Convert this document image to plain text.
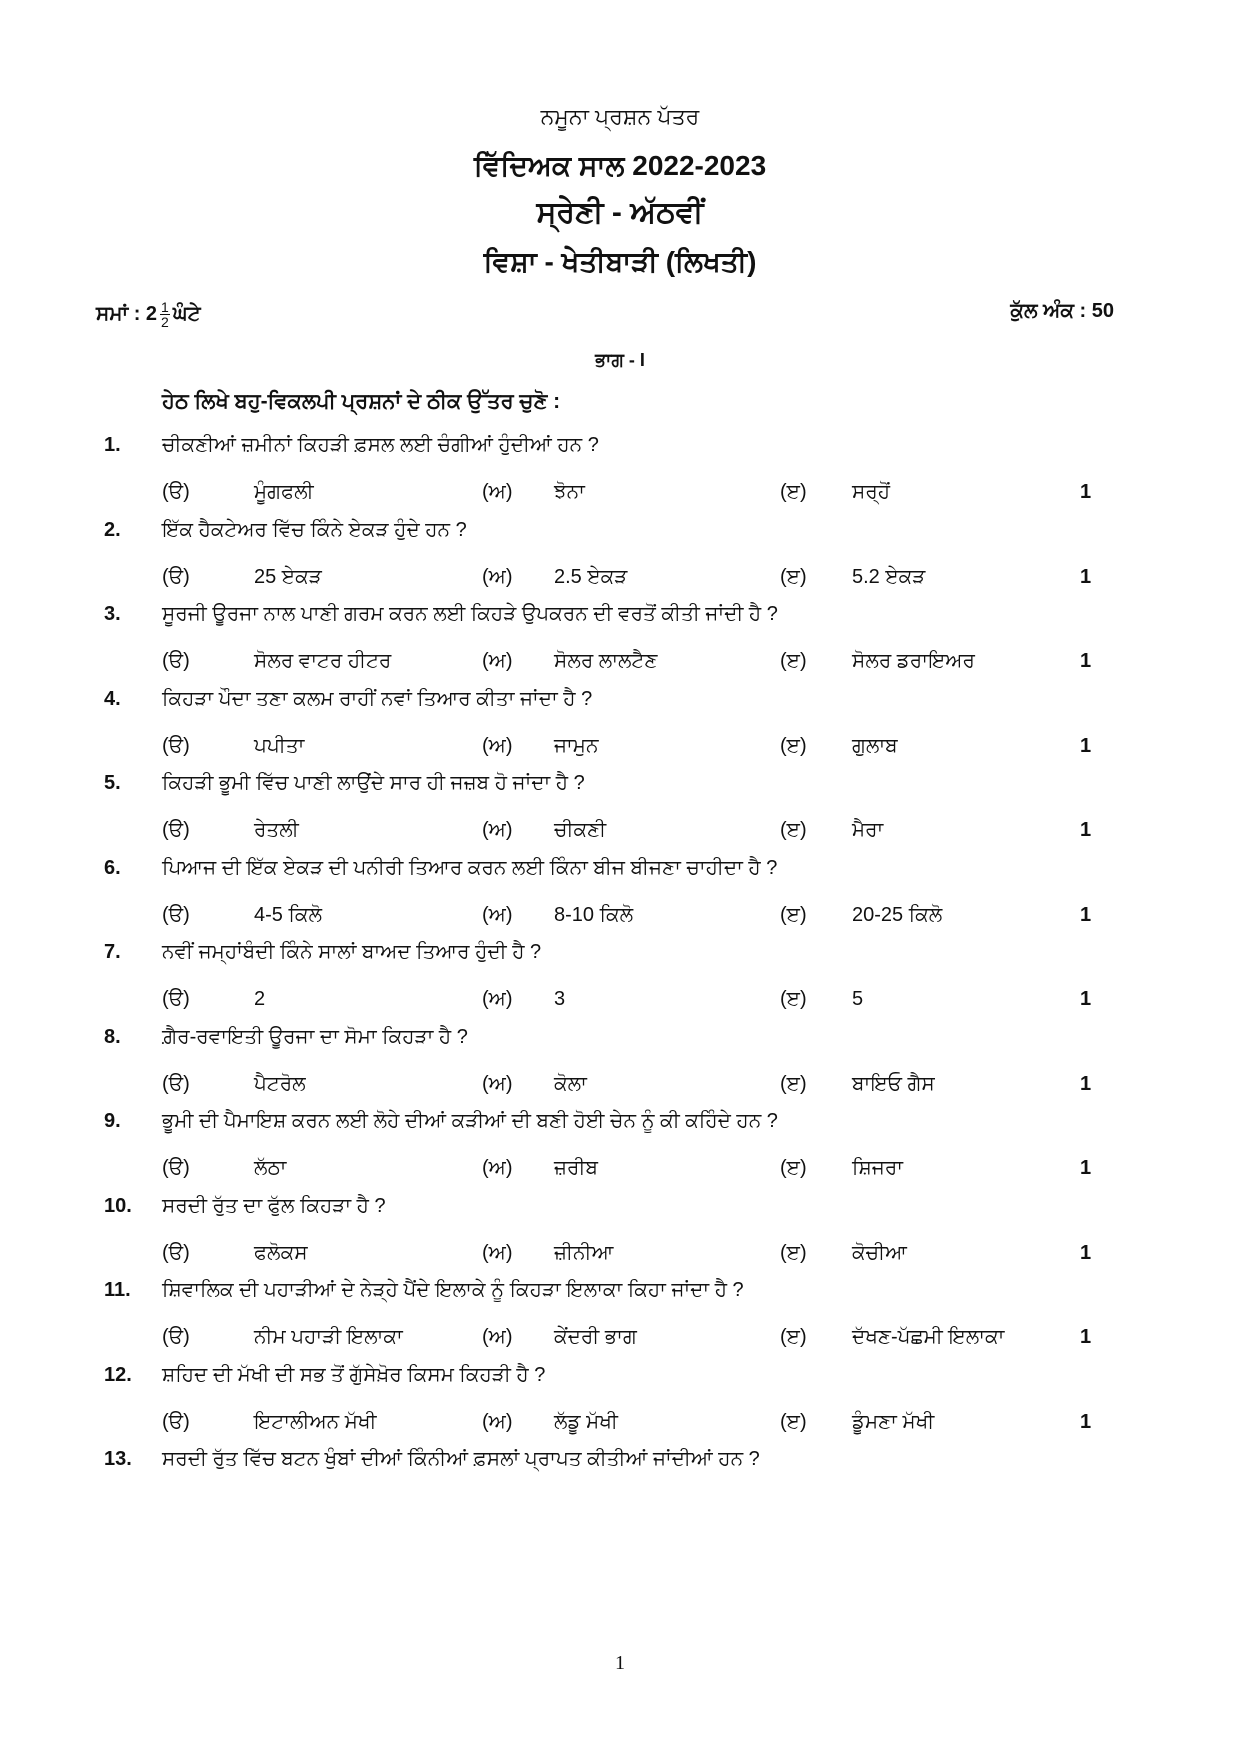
ਨਮੂਨਾ ਪ੍ਰਸ਼ਨ ਪੱਤਰ
ਵਿੱਦਿਅਕ ਸਾਲ 2022-2023
ਸ੍ਰੇਣੀ - ਅੱਠਵੀਂ
ਵਿਸ਼ਾ - ਖੇਤੀਬਾੜੀ (ਲਿਖਤੀ)
ਸਮਾਂ : $2 \frac{1}{2}$ ਘੰਟੇ	ਕੁੱਲ ਅੰਕ : 50
ਭਾਗ - I
ਹੇਠ ਲਿਖੇ ਬਹੁ-ਵਿਕਲਪੀ ਪ੍ਰਸ਼ਨਾਂ ਦੇ ਠੀਕ ਉੱਤਰ ਚੁਣੋ :
1. ਚੀਕਣੀਆਂ ਜ਼ਮੀਨਾਂ ਕਿਹੜੀ ਫ਼ਸਲ ਲਈ ਚੰਗੀਆਂ ਹੁੰਦੀਆਂ ਹਨ ?
(ੳ)	ਮੂੰਗਫਲੀ	(ਅ)	ਝੋਨਾ	(ੲ)	ਸਰ੍ਹੋਂ	1
2. ਇੱਕ ਹੈਕਟੇਅਰ ਵਿੱਚ ਕਿੰਨੇ ਏਕੜ ਹੁੰਦੇ ਹਨ ?
(ੳ)	25 ਏਕੜ	(ਅ)	2.5 ਏਕੜ	(ੲ)	5.2 ਏਕੜ	1
3. ਸੂਰਜੀ ਊਰਜਾ ਨਾਲ ਪਾਣੀ ਗਰਮ ਕਰਨ ਲਈ ਕਿਹੜੇ ਉਪਕਰਨ ਦੀ ਵਰਤੋਂ ਕੀਤੀ ਜਾਂਦੀ ਹੈ ?
(ੳ)	ਸੋਲਰ ਵਾਟਰ ਹੀਟਰ	(ਅ)	ਸੋਲਰ ਲਾਲਟੈਣ	(ੲ)	ਸੋਲਰ ਡਰਾਇਅਰ	1
4. ਕਿਹੜਾ ਪੌਦਾ ਤਣਾ ਕਲਮ ਰਾਹੀਂ ਨਵਾਂ ਤਿਆਰ ਕੀਤਾ ਜਾਂਦਾ ਹੈ ?
(ੳ)	ਪਪੀਤਾ	(ਅ)	ਜਾਮੁਨ	(ੲ)	ਗੁਲਾਬ	1
5. ਕਿਹੜੀ ਭੂਮੀ ਵਿੱਚ ਪਾਣੀ ਲਾਉਂਦੇ ਸਾਰ ਹੀ ਜਜ਼ਬ ਹੋ ਜਾਂਦਾ ਹੈ ?
(ੳ)	ਰੇਤਲੀ	(ਅ)	ਚੀਕਣੀ	(ੲ)	ਮੈਰਾ	1
6. ਪਿਆਜ ਦੀ ਇੱਕ ਏਕੜ ਦੀ ਪਨੀਰੀ ਤਿਆਰ ਕਰਨ ਲਈ ਕਿੰਨਾ ਬੀਜ ਬੀਜਣਾ ਚਾਹੀਦਾ ਹੈ ?
(ੳ)	4-5 ਕਿਲੋ	(ਅ)	8-10 ਕਿਲੋ	(ੲ)	20-25 ਕਿਲੋ	1
7. ਨਵੀਂ ਜਮ੍ਹਾਂਬੰਦੀ ਕਿੰਨੇ ਸਾਲਾਂ ਬਾਅਦ ਤਿਆਰ ਹੁੰਦੀ ਹੈ ?
(ੳ)	2	(ਅ)	3	(ੲ)	5	1
8. ਗ਼ੈਰ-ਰਵਾਇਤੀ ਊਰਜਾ ਦਾ ਸੋਮਾ ਕਿਹੜਾ ਹੈ ?
(ੳ)	ਪੈਟਰੋਲ	(ਅ)	ਕੋਲਾ	(ੲ)	ਬਾਇਓ ਗੈਸ	1
9. ਭੂਮੀ ਦੀ ਪੈਮਾਇਸ਼ ਕਰਨ ਲਈ ਲੋਹੇ ਦੀਆਂ ਕੜੀਆਂ ਦੀ ਬਣੀ ਹੋਈ ਚੇਨ ਨੂੰ ਕੀ ਕਹਿੰਦੇ ਹਨ ?
(ੳ)	ਲੱਠਾ	(ਅ)	ਜ਼ਰੀਬ	(ੲ)	ਸ਼ਿਜਰਾ	1
10. ਸਰਦੀ ਰੁੱਤ ਦਾ ਫੁੱਲ ਕਿਹੜਾ ਹੈ ?
(ੳ)	ਫਲੋਕਸ	(ਅ)	ਜ਼ੀਨੀਆ	(ੲ)	ਕੋਚੀਆ	1
11. ਸ਼ਿਵਾਲਿਕ ਦੀ ਪਹਾੜੀਆਂ ਦੇ ਨੇੜ੍ਹੇ ਪੈਂਦੇ ਇਲਾਕੇ ਨੂੰ ਕਿਹੜਾ ਇਲਾਕਾ ਕਿਹਾ ਜਾਂਦਾ ਹੈ ?
(ੳ)	ਨੀਮ ਪਹਾੜੀ ਇਲਾਕਾ	(ਅ)	ਕੇਂਦਰੀ ਭਾਗ	(ੲ)	ਦੱਖਣ-ਪੱਛਮੀ ਇਲਾਕਾ	1
12. ਸ਼ਹਿਦ ਦੀ ਮੱਖੀ ਦੀ ਸਭ ਤੋਂ ਗੁੱਸੇਖ਼ੋਰ ਕਿਸਮ ਕਿਹੜੀ ਹੈ ?
(ੳ)	ਇਟਾਲੀਅਨ ਮੱਖੀ	(ਅ)	ਲੱਡੂ ਮੱਖੀ	(ੲ)	ਡੂੰਮਣਾ ਮੱਖੀ	1
13. ਸਰਦੀ ਰੁੱਤ ਵਿੱਚ ਬਟਨ ਖੁੰਬਾਂ ਦੀਆਂ ਕਿੰਨੀਆਂ ਫ਼ਸਲਾਂ ਪ੍ਰਾਪਤ ਕੀਤੀਆਂ ਜਾਂਦੀਆਂ ਹਨ ?
1
